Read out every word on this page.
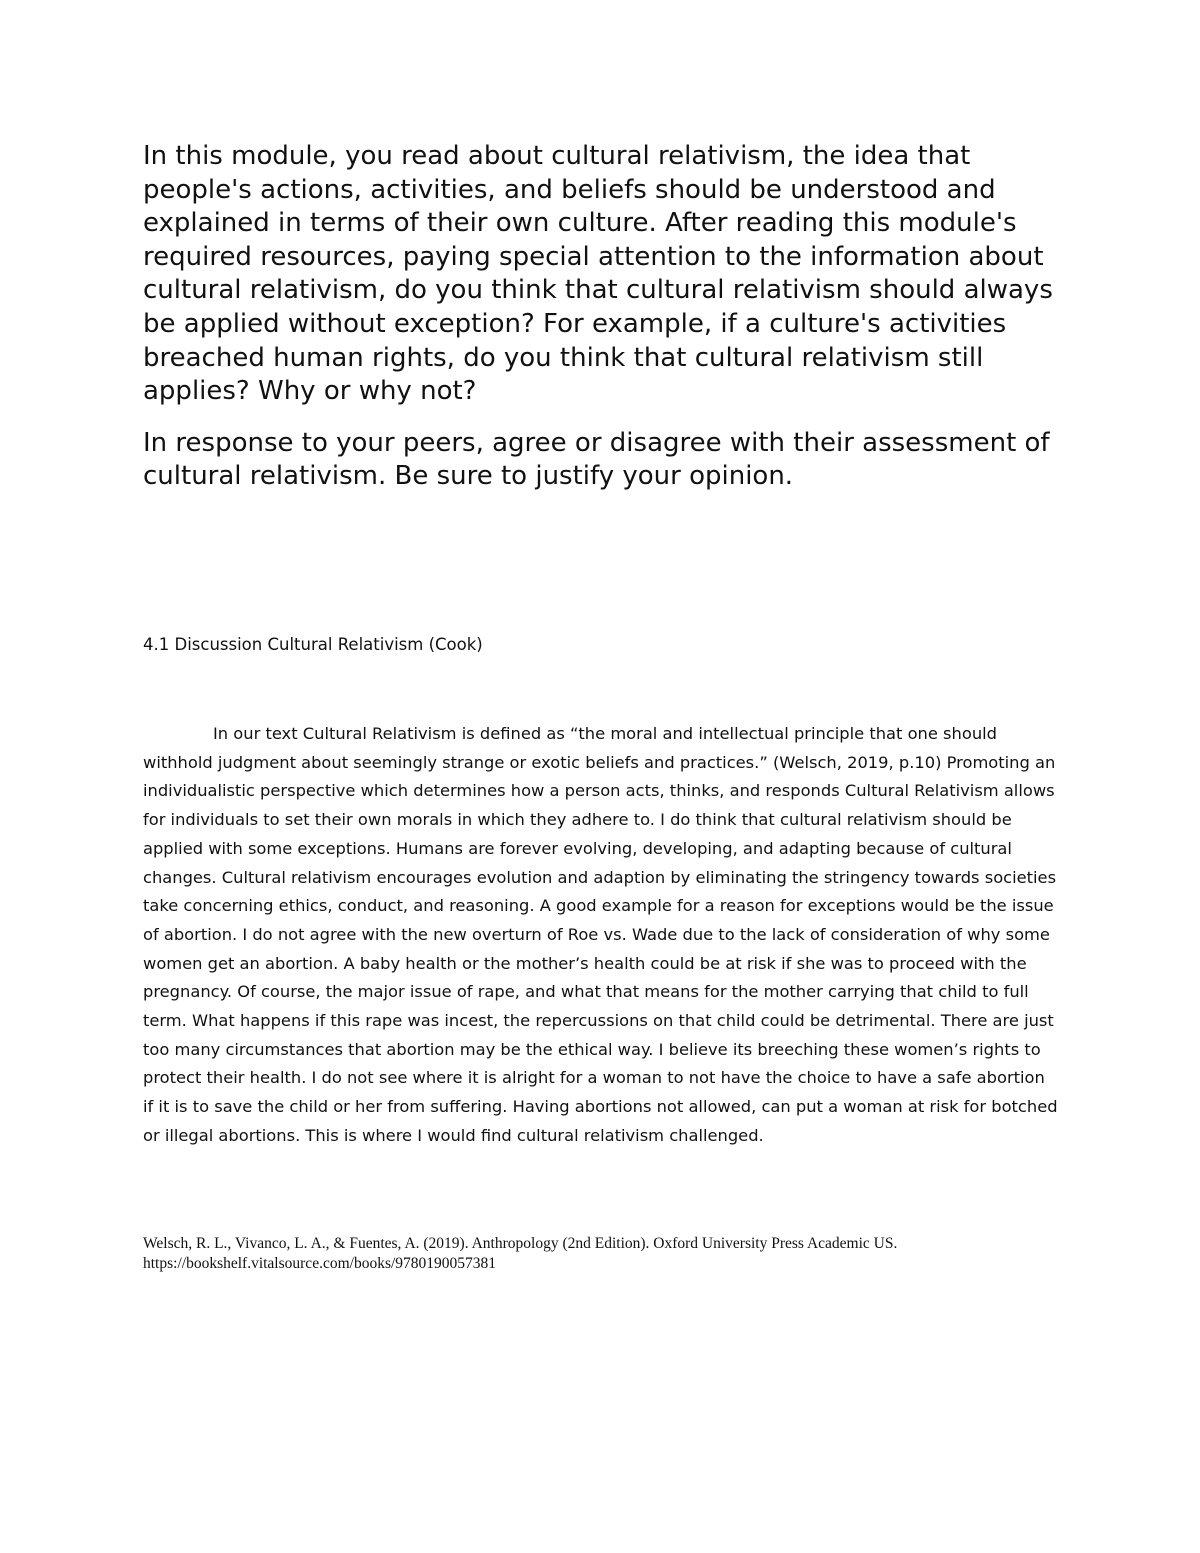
In this module, you read about cultural relativism, the idea that people's actions, activities, and beliefs should be understood and explained in terms of their own culture. After reading this module's required resources, paying special attention to the information about cultural relativism, do you think that cultural relativism should always be applied without exception? For example, if a culture's activities breached human rights, do you think that cultural relativism still applies? Why or why not?

In response to your peers, agree or disagree with their assessment of cultural relativism. Be sure to justify your opinion.

4.1 Discussion Cultural Relativism (Cook)

In our text Cultural Relativism is defined as “the moral and intellectual principle that one should withhold judgment about seemingly strange or exotic beliefs and practices.” (Welsch, 2019, p.10) Promoting an individualistic perspective which determines how a person acts, thinks, and responds Cultural Relativism allows for individuals to set their own morals in which they adhere to. I do think that cultural relativism should be applied with some exceptions. Humans are forever evolving, developing, and adapting because of cultural changes. Cultural relativism encourages evolution and adaption by eliminating the stringency towards societies take concerning ethics, conduct, and reasoning. A good example for a reason for exceptions would be the issue of abortion. I do not agree with the new overturn of Roe vs. Wade due to the lack of consideration of why some women get an abortion. A baby health or the mother’s health could be at risk if she was to proceed with the pregnancy. Of course, the major issue of rape, and what that means for the mother carrying that child to full term. What happens if this rape was incest, the repercussions on that child could be detrimental. There are just too many circumstances that abortion may be the ethical way. I believe its breeching these women’s rights to protect their health. I do not see where it is alright for a woman to not have the choice to have a safe abortion if it is to save the child or her from suffering. Having abortions not allowed, can put a woman at risk for botched or illegal abortions. This is where I would find cultural relativism challenged.

Welsch, R. L., Vivanco, L. A., & Fuentes, A. (2019). Anthropology (2nd Edition). Oxford University Press Academic US.
https://bookshelf.vitalsource.com/books/9780190057381
